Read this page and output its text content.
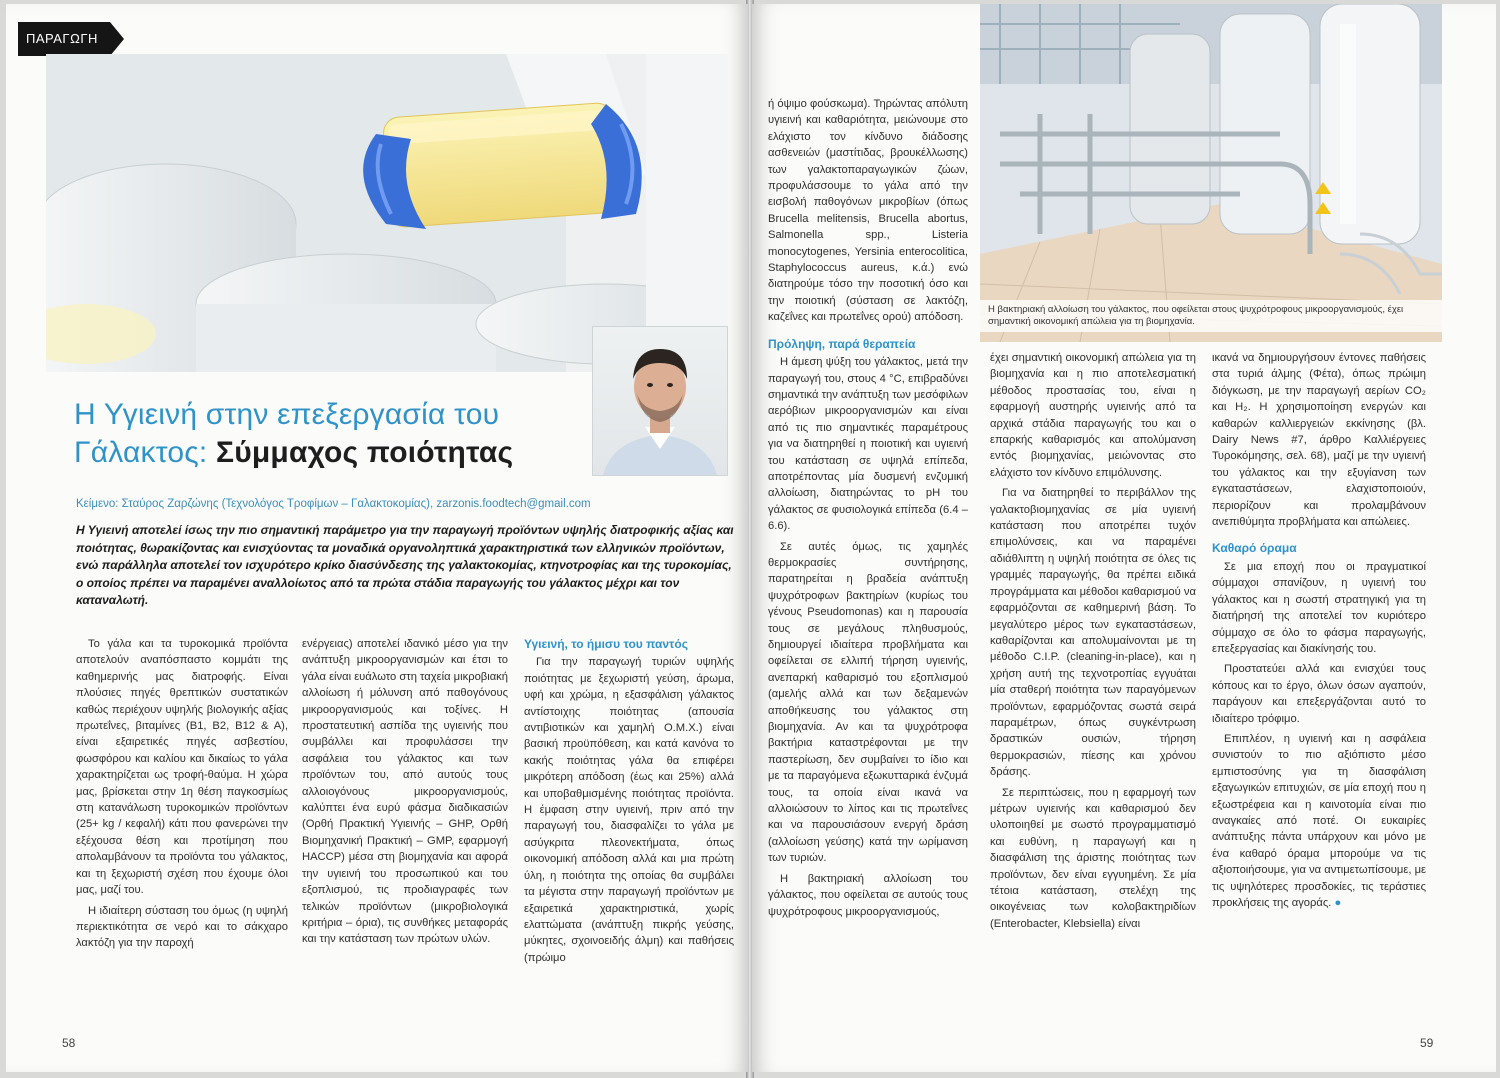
ΠΑΡΑΓΩΓΗ
Η Υγιεινή στην επεξεργασία του Γάλακτος: Σύμμαχος ποιότητας
Κείμενο: Σταύρος Ζαρζώνης (Τεχνολόγος Τροφίμων – Γαλακτοκομίας), zarzonis.foodtech@gmail.com

Η Υγιεινή αποτελεί ίσως την πιο σημαντική παράμετρο για την παραγωγή προϊόντων υψηλής διατροφικής αξίας και ποιότητας, θωρακίζοντας και ενισχύοντας τα μοναδικά οργανοληπτικά χαρακτηριστικά των ελληνικών προϊόντων, ενώ παράλληλα αποτελεί τον ισχυρότερο κρίκο διασύνδεσης της γαλακτοκομίας, κτηνοτροφίας και της τυροκομίας, ο οποίος πρέπει να παραμένει αναλλοίωτος από τα πρώτα στάδια παραγωγής του γάλακτος μέχρι και τον καταναλωτή.

Το γάλα και τα τυροκομικά προϊόντα αποτελούν αναπόσπαστο κομμάτι της καθημερινής μας διατροφής. Είναι πλούσιες πηγές θρεπτικών συστατικών καθώς περιέχουν υψηλής βιολογικής αξίας πρωτεΐνες, βιταμίνες (B1, B2, B12 & A), είναι εξαιρετικές πηγές ασβεστίου, φωσφόρου και καλίου και δικαίως το γάλα χαρακτηρίζεται ως τροφή-θαύμα. Η χώρα μας, βρίσκεται στην 1η θέση παγκοσμίως στη κατανάλωση τυροκομικών προϊόντων (25+ kg / κεφαλή) κάτι που φανερώνει την εξέχουσα θέση και προτίμηση που απολαμβάνουν τα προϊόντα του γάλακτος, και τη ξεχωριστή σχέση που έχουμε όλοι μας, μαζί του.

Η ιδιαίτερη σύσταση του όμως (η υψηλή περιεκτικότητα σε νερό και το σάκχαρο λακτόζη για την παροχή

ενέργειας) αποτελεί ιδανικό μέσο για την ανάπτυξη μικροοργανισμών και έτσι το γάλα είναι ευάλωτο στη ταχεία μικροβιακή αλλοίωση ή μόλυνση από παθογόνους μικροοργανισμούς και τοξίνες. Η προστατευτική ασπίδα της υγιεινής που συμβάλλει και προφυλάσσει την ασφάλεια του γάλακτος και των προϊόντων του, από αυτούς τους αλλοιογόνους μικροοργανισμούς, καλύπτει ένα ευρύ φάσμα διαδικασιών (Ορθή Πρακτική Υγιεινής – GHP, Ορθή Βιομηχανική Πρακτική – GMP, εφαρμογή HACCP) μέσα στη βιομηχανία και αφορά την υγιεινή του προσωπικού και του εξοπλισμού, τις προδιαγραφές των τελικών προϊόντων (μικροβιολογικά κριτήρια – όρια), τις συνθήκες μεταφοράς και την κατάσταση των πρώτων υλών.

Υγιεινή, το ήμισυ του παντός

Για την παραγωγή τυριών υψηλής ποιότητας με ξεχωριστή γεύση, άρωμα, υφή και χρώμα, η εξασφάλιση γάλακτος αντίστοιχης ποιότητας (απουσία αντιβιοτικών και χαμηλή Ο.Μ.Χ.) είναι βασική προϋπόθεση, και κατά κανόνα το κακής ποιότητας γάλα θα επιφέρει μικρότερη απόδοση (έως και 25%) αλλά και υποβαθμισμένης ποιότητας προϊόντα. Η έμφαση στην υγιεινή, πριν από την παραγωγή του, διασφαλίζει το γάλα με ασύγκριτα πλεονεκτήματα, όπως οικονομική απόδοση αλλά και μια πρώτη ύλη, η ποιότητα της οποίας θα συμβάλει τα μέγιστα στην παραγωγή προϊόντων με εξαιρετικά χαρακτηριστικά, χωρίς ελαττώματα (ανάπτυξη πικρής γεύσης, μύκητες, σχοινοειδής άλμη) και παθήσεις (πρώιμο

58
Η βακτηριακή αλλοίωση του γάλακτος, που οφείλεται στους ψυχρότροφους μικροοργανισμούς, έχει σημαντική οικονομική απώλεια για τη βιομηχανία.

ή όψιμο φούσκωμα). Τηρώντας απόλυτη υγιεινή και καθαριότητα, μειώνουμε στο ελάχιστο τον κίνδυνο διάδοσης ασθενειών (μαστίτιδας, βρουκέλλωσης) των γαλακτοπαραγωγικών ζώων, προφυλάσσουμε το γάλα από την εισβολή παθογόνων μικροβίων (όπως Brucella melitensis, Brucella abortus, Salmonella spp., Listeria monocytogenes, Yersinia enterocolitica, Staphylococcus aureus, κ.ά.) ενώ διατηρούμε τόσο την ποσοτική όσο και την ποιοτική (σύσταση σε λακτόζη, καζεΐνες και πρωτεΐνες ορού) απόδοση.

Πρόληψη, παρά θεραπεία

Η άμεση ψύξη του γάλακτος, μετά την παραγωγή του, στους 4 °C, επιβραδύνει σημαντικά την ανάπτυξη των μεσόφιλων αερόβιων μικροοργανισμών και είναι από τις πιο σημαντικές παραμέτρους για να διατηρηθεί η ποιοτική και υγιεινή του κατάσταση σε υψηλά επίπεδα, αποτρέποντας μία δυσμενή ενζυμική αλλοίωση, διατηρώντας το pH του γάλακτος σε φυσιολογικά επίπεδα (6.4 – 6.6).

Σε αυτές όμως, τις χαμηλές θερμοκρασίες συντήρησης, παρατηρείται η βραδεία ανάπτυξη ψυχρότροφων βακτηρίων (κυρίως του γένους Pseudomonas) και η παρουσία τους σε μεγάλους πληθυσμούς, δημιουργεί ιδιαίτερα προβλήματα και οφείλεται σε ελλιπή τήρηση υγιεινής, ανεπαρκή καθαρισμό του εξοπλισμού (αμελής αλλά και των δεξαμενών αποθήκευσης του γάλακτος στη βιομηχανία. Αν και τα ψυχρότροφα βακτήρια καταστρέφονται με την παστερίωση, δεν συμβαίνει το ίδιο και με τα παραγόμενα εξωκυτταρικά ένζυμά τους, τα οποία είναι ικανά να αλλοιώσουν το λίπος και τις πρωτεΐνες και να παρουσιάσουν ενεργή δράση (αλλοίωση γεύσης) κατά την ωρίμανση των τυριών.

Η βακτηριακή αλλοίωση του γάλακτος, που οφείλεται σε αυτούς τους ψυχρότροφους μικροοργανισμούς,

έχει σημαντική οικονομική απώλεια για τη βιομηχανία και η πιο αποτελεσματική μέθοδος προστασίας του, είναι η εφαρμογή αυστηρής υγιεινής από τα αρχικά στάδια παραγωγής του και ο επαρκής καθαρισμός και απολύμανση εντός βιομηχανίας, μειώνοντας στο ελάχιστο τον κίνδυνο επιμόλυνσης.

Για να διατηρηθεί το περιβάλλον της γαλακτοβιομηχανίας σε μία υγιεινή κατάσταση που αποτρέπει τυχόν επιμολύνσεις, και να παραμένει αδιάθλιπτη η υψηλή ποιότητα σε όλες τις γραμμές παραγωγής, θα πρέπει ειδικά προγράμματα και μέθοδοι καθαρισμού να εφαρμόζονται σε καθημερινή βάση. Το μεγαλύτερο μέρος των εγκαταστάσεων, καθαρίζονται και απολυμαίνονται με τη μέθοδο C.I.P. (cleaning-in-place), και η χρήση αυτή της τεχνοτροπίας εγγυάται μία σταθερή ποιότητα των παραγόμενων προϊόντων, εφαρμόζοντας σωστά σειρά παραμέτρων, όπως συγκέντρωση δραστικών ουσιών, τήρηση θερμοκρασιών, πίεσης και χρόνου δράσης.

Σε περιπτώσεις, που η εφαρμογή των μέτρων υγιεινής και καθαρισμού δεν υλοποιηθεί με σωστό προγραμματισμό και ευθύνη, η παραγωγή και η διασφάλιση της άριστης ποιότητας των προϊόντων, δεν είναι εγγυημένη. Σε μία τέτοια κατάσταση, στελέχη της οικογένειας των κολοβακτηριδίων (Enterobacter, Klebsiella) είναι

ικανά να δημιουργήσουν έντονες παθήσεις στα τυριά άλμης (Φέτα), όπως πρώιμη διόγκωση, με την παραγωγή αερίων CO₂ και H₂. Η χρησιμοποίηση ενεργών και καθαρών καλλιεργειών εκκίνησης (βλ. Dairy News #7, άρθρο Καλλιέργειες Τυροκόμησης, σελ. 68), μαζί με την υγιεινή του γάλακτος και την εξυγίανση των εγκαταστάσεων, ελαχιστοποιούν, περιορίζουν και προλαμβάνουν ανεπιθύμητα προβλήματα και απώλειες.

Καθαρό όραμα

Σε μια εποχή που οι πραγματικοί σύμμαχοι σπανίζουν, η υγιεινή του γάλακτος και η σωστή στρατηγική για τη διατήρησή της αποτελεί τον κυριότερο σύμμαχο σε όλο το φάσμα παραγωγής, επεξεργασίας και διακίνησής του.

Προστατεύει αλλά και ενισχύει τους κόπους και το έργο, όλων όσων αγαπούν, παράγουν και επεξεργάζονται αυτό το ιδιαίτερο τρόφιμο.

Επιπλέον, η υγιεινή και η ασφάλεια συνιστούν το πιο αξιόπιστο μέσο εμπιστοσύνης για τη διασφάλιση εξαγωγικών επιτυχιών, σε μία εποχή που η εξωστρέφεια και η καινοτομία είναι πιο αναγκαίες από ποτέ. Οι ευκαιρίες ανάπτυξης πάντα υπάρχουν και μόνο με ένα καθαρό όραμα μπορούμε να τις αξιοποιήσουμε, για να αντιμετωπίσουμε, με τις υψηλότερες προσδοκίες, τις τεράστιες προκλήσεις της αγοράς. ●

59
